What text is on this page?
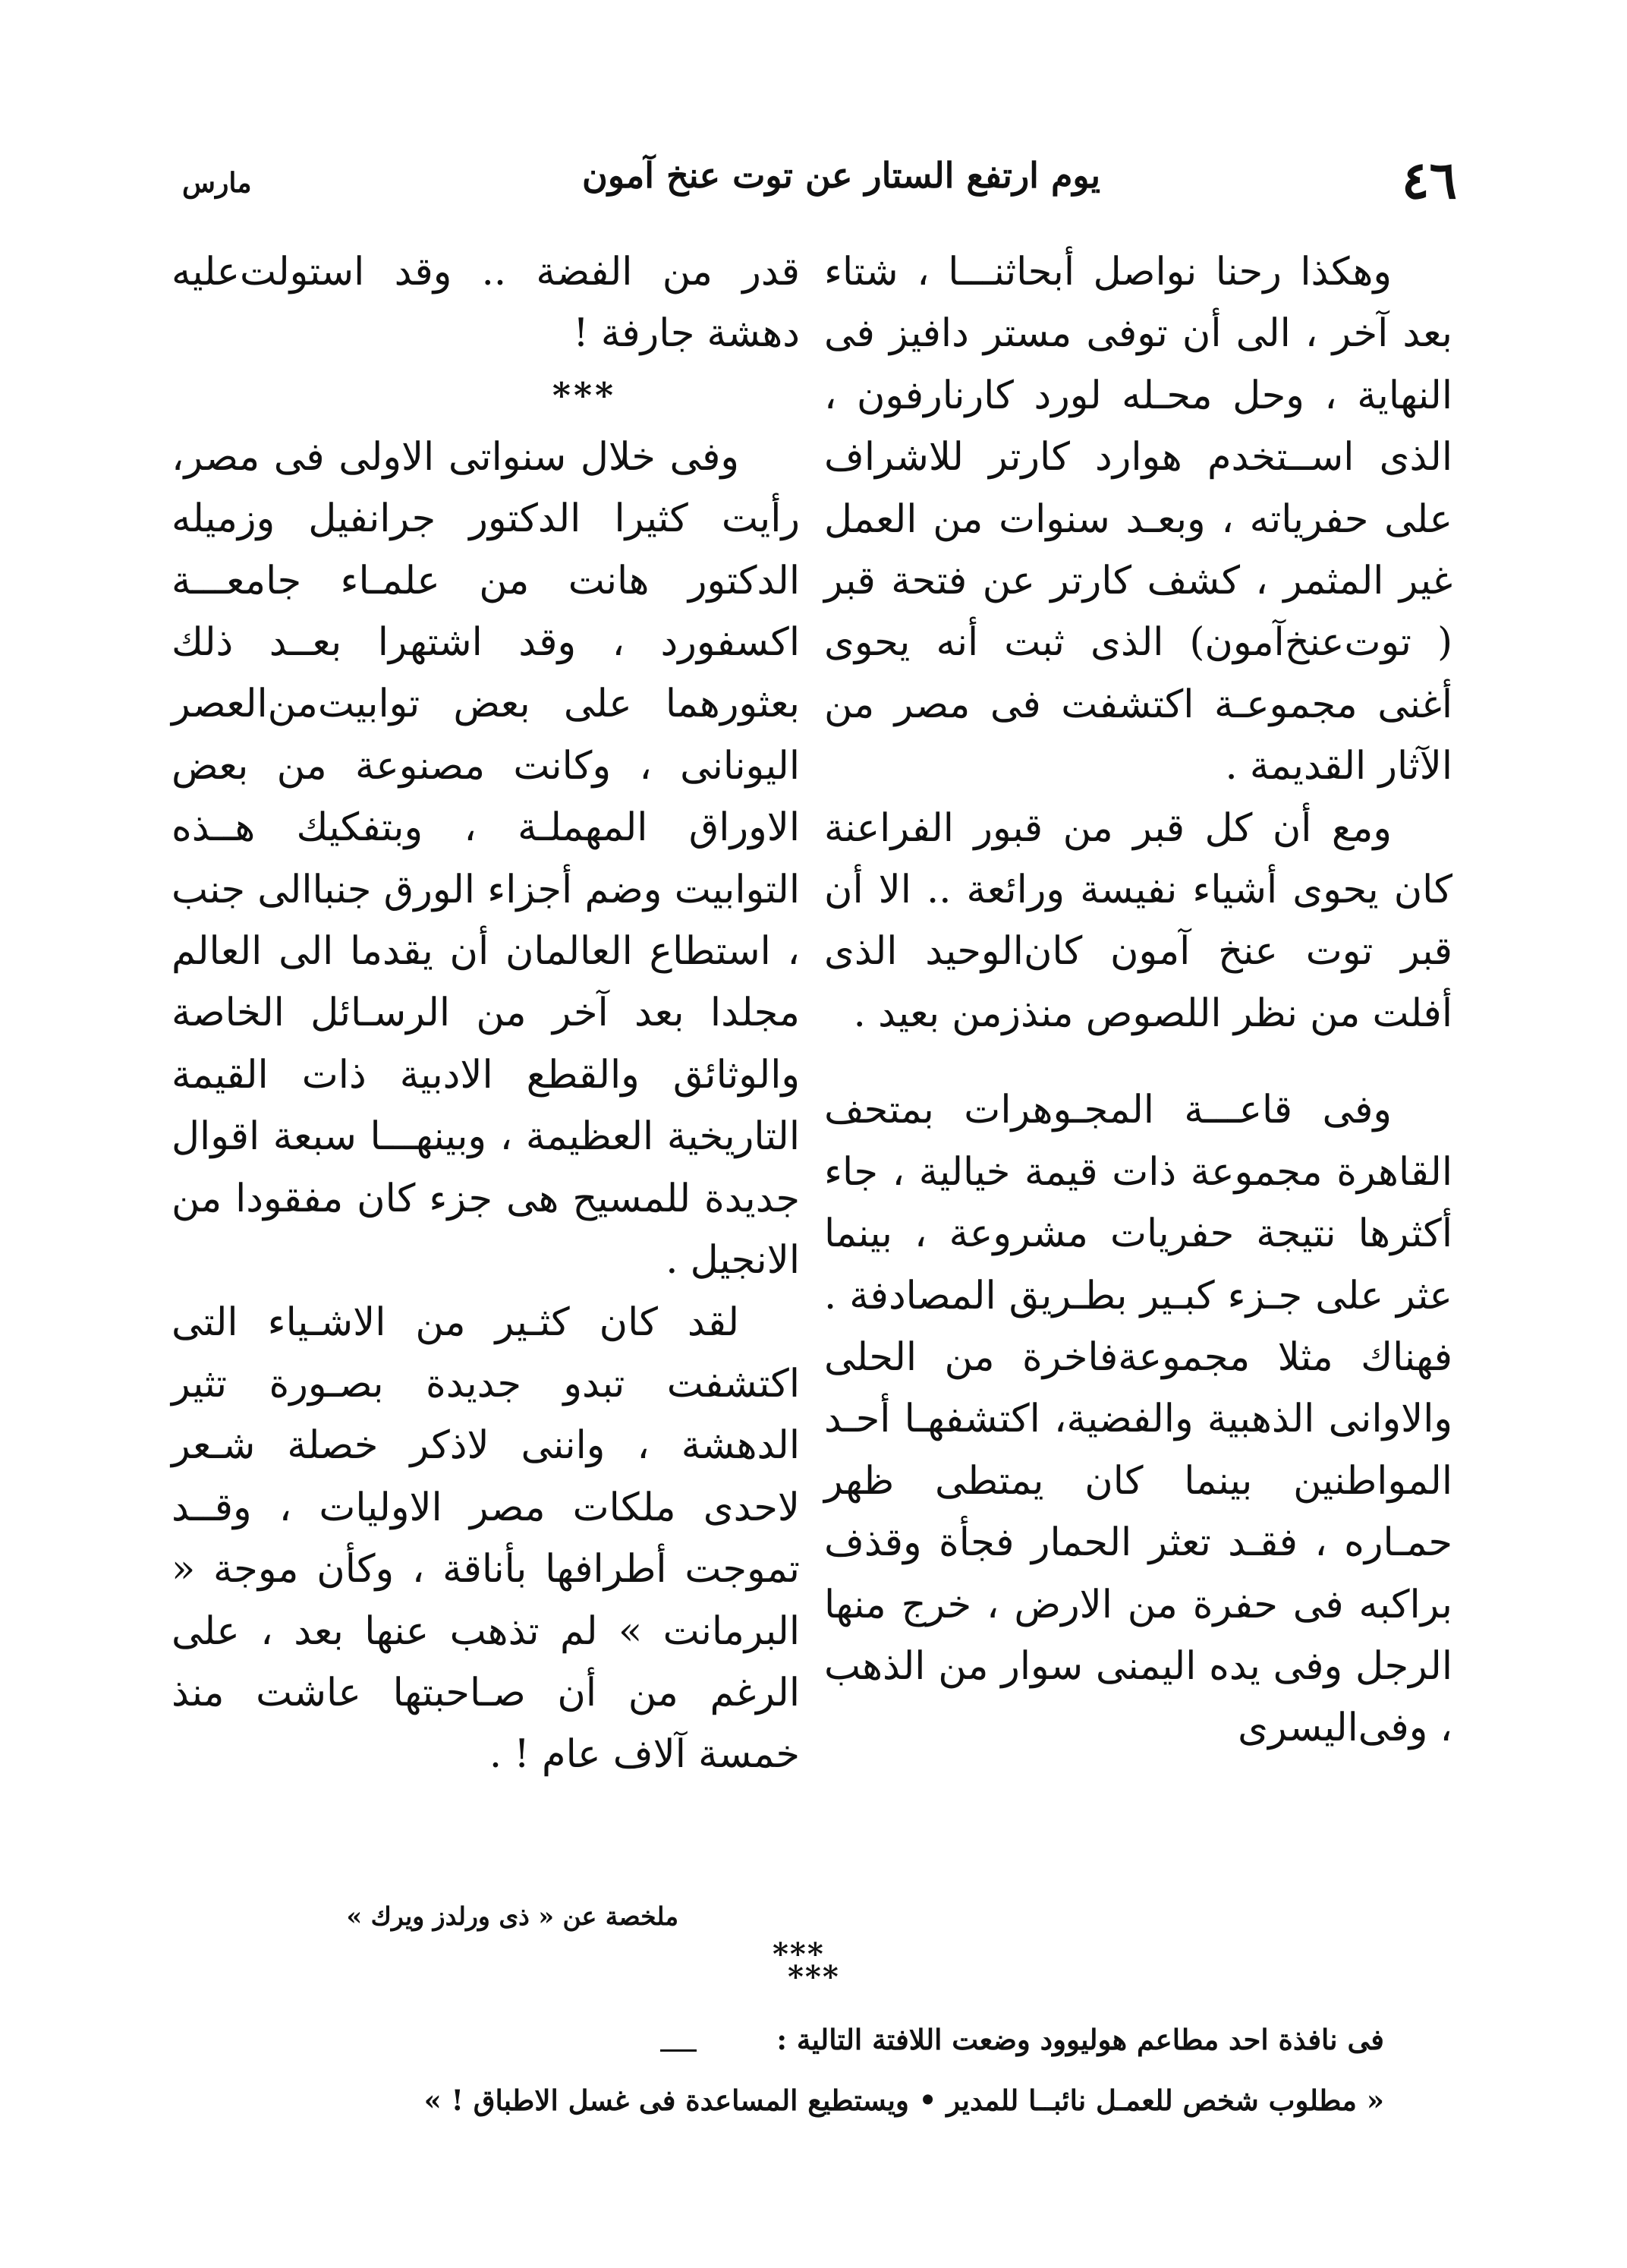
٤٦
يوم ارتفع الستار عن توت عنخ آمون
مارس

وهكذا رحنا نواصل أبحاثنـــا ، شتاء بعد آخر ، الى أن توفى مستر دافيز فى النهاية ، وحل محـله لورد كارنارفون ، الذى اســتخدم هوارد كارتر للاشراف على حفرياته ، وبعـد سنوات من العمل غير المثمر ، كشف كارتر عن فتحة قبر ( توت‌عنخ‌آمون) الذى ثبت أنه يحوى أغنى مجموعـة اكتشفت فى مصر من الآثار القديمة .

ومع أن كل قبر من قبور الفراعنة كان يحوى أشياء نفيسة ورائعة .. الا أن قبر توت عنخ آمون كان‌الوحيد الذى أفلت من نظر اللصوص منذزمن بعيد .

وفى قاعـــة المجـوهرات بمتحف القاهرة مجموعة ذات قيمة خيالية ، جاء أكثرها نتيجة حفريات مشروعة ، بينما عثر على جـزء كبـير بطـريق المصادفة . فهناك مثلا مجموعة‌فاخرة من الحلى والاوانى الذهبية والفضية، اكتشفهـا أحـد المواطنين بينما كان يمتطى ظهر حمـاره ، فقـد تعثر الحمار فجأة وقذف براكبه فى حفرة من الارض ، خرج منها الرجل وفى يده اليمنى سوار من الذهب ، وفى‌اليسرى

قدر من الفضة .. وقد استولت‌عليه دهشة جارفة !

***

وفى خلال سنواتى الاولى فى مصر، رأيت كثيرا الدكتور جرانفيل وزميله الدكتور هانت من علمـاء جامعـــة اكسفورد ، وقد اشتهرا بعــد ذلك بعثورهما على بعض توابيت‌من‌العصر اليونانى ، وكانت مصنوعة من بعض الاوراق المهملـة ، وبتفكيك هــذه التوابيت وضم أجزاء الورق جنبا‌الى جنب ، استطاع العالمان أن يقدما الى العالم مجلدا بعد آخر من الرسـائل الخاصة والوثائق والقطع الادبية ذات القيمة التاريخية العظيمة ، وبينهـــا سبعة اقوال جديدة للمسيح هى جزء كان مفقودا من الانجيل .

لقد كان كثـير من الاشـياء التى اكتشفت تبدو جديدة بصـورة تثير الدهشة ، واننى لاذكر خصلة شـعر لاحدى ملكات مصر الاوليات ، وقــد تموجت أطرافها بأناقة ، وكأن موجة « البرمانت » لم تذهب عنها بعد ، على الرغم من أن صـاحبتها عاشت منذ خمسة آلاف عام ! .

ملخصة عن « ذى ورلدز ويرك »
***
***
فى نافذة احد مطاعم هوليوود وضعت اللافتة التالية :
« مطلوب شخص للعمـل نائبــا للمدير • ويستطيع المساعدة فى غسل الاطباق ! »
